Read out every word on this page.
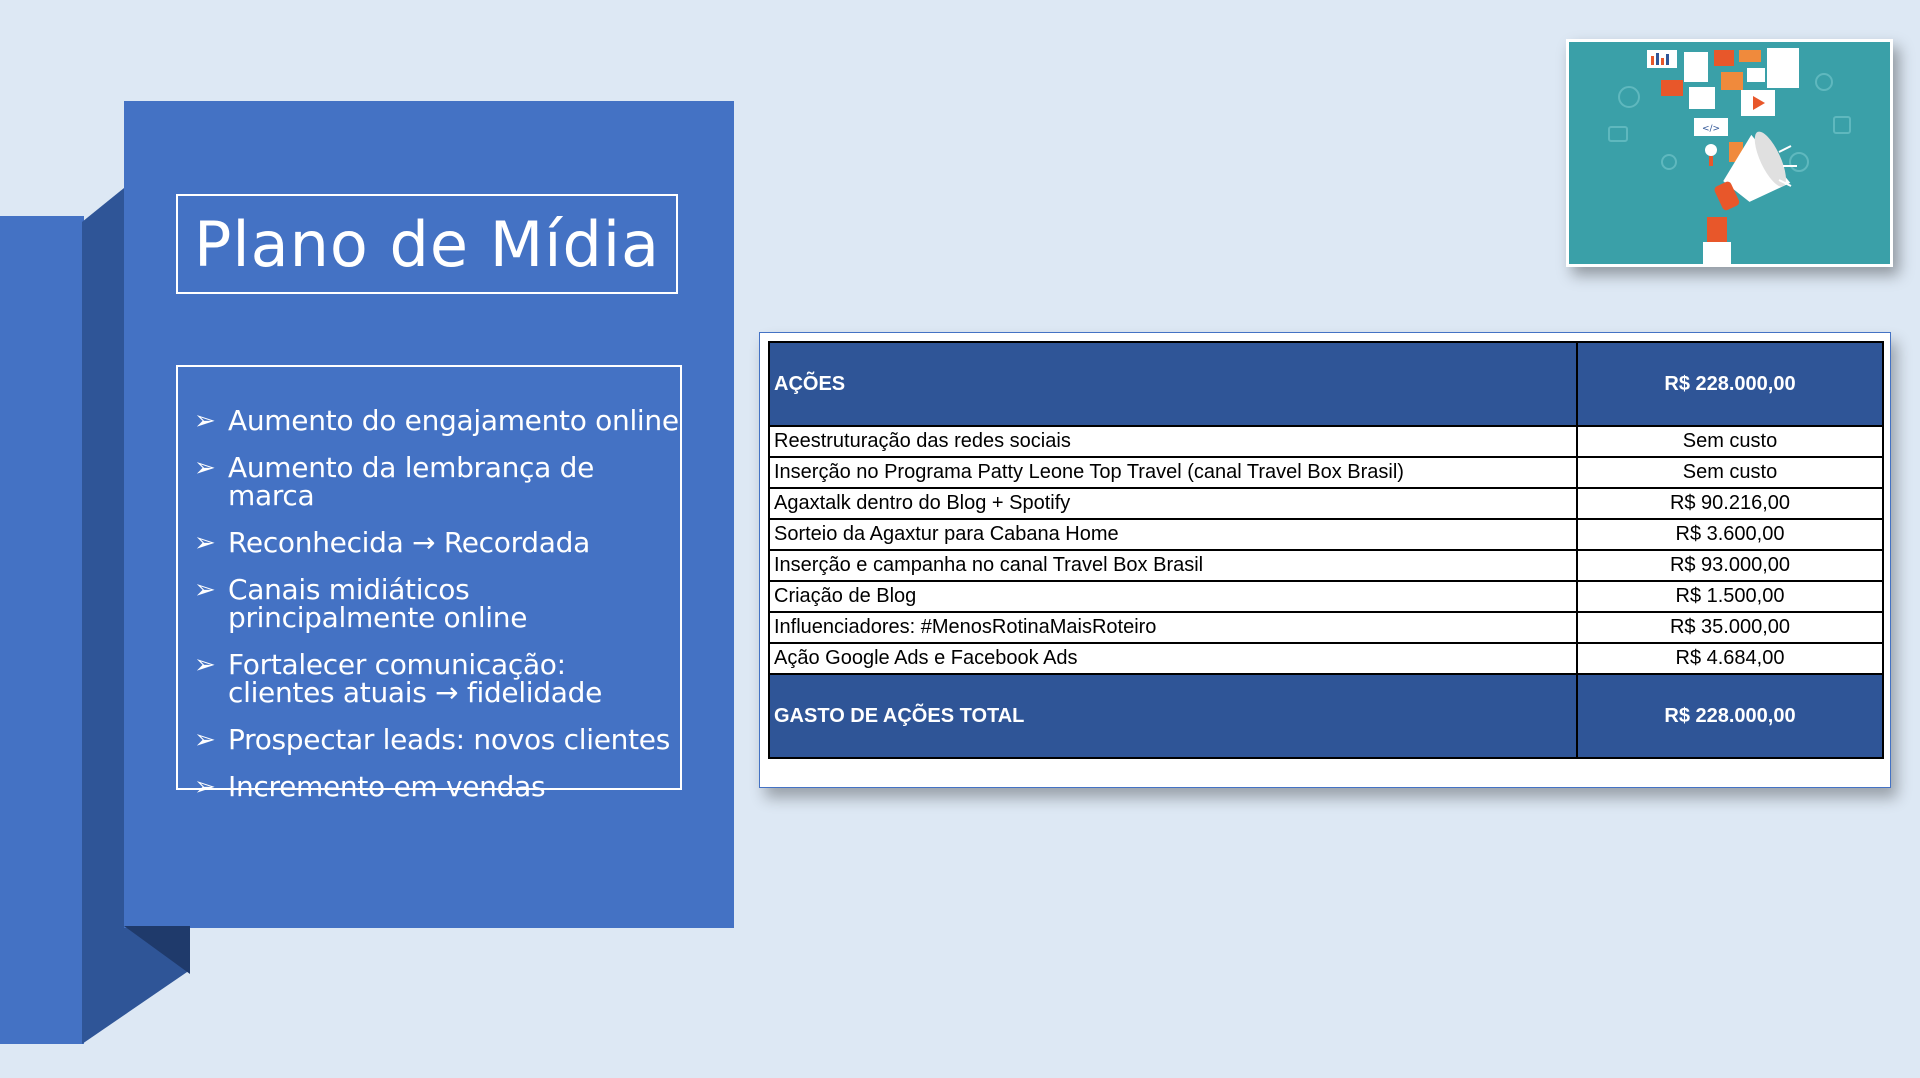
Plano de Mídia
➢ Aumento do engajamento online
➢ Aumento da lembrança de marca
➢ Reconhecida → Recordada
➢ Canais midiáticos principalmente online
➢ Fortalecer comunicação: clientes atuais → fidelidade
➢ Prospectar leads: novos clientes
➢ Incremento em vendas
</>
AÇÕES	R$ 228.000,00
Reestruturação das redes sociais	Sem custo
Inserção no Programa Patty Leone Top Travel (canal Travel Box Brasil)	Sem custo
Agaxtalk dentro do Blog + Spotify	R$ 90.216,00
Sorteio da Agaxtur para Cabana Home	R$ 3.600,00
Inserção e campanha no canal Travel Box Brasil	R$ 93.000,00
Criação de Blog	R$ 1.500,00
Influenciadores: #MenosRotinaMaisRoteiro	R$ 35.000,00
Ação Google Ads e Facebook Ads	R$ 4.684,00
GASTO DE AÇÕES TOTAL	R$ 228.000,00
